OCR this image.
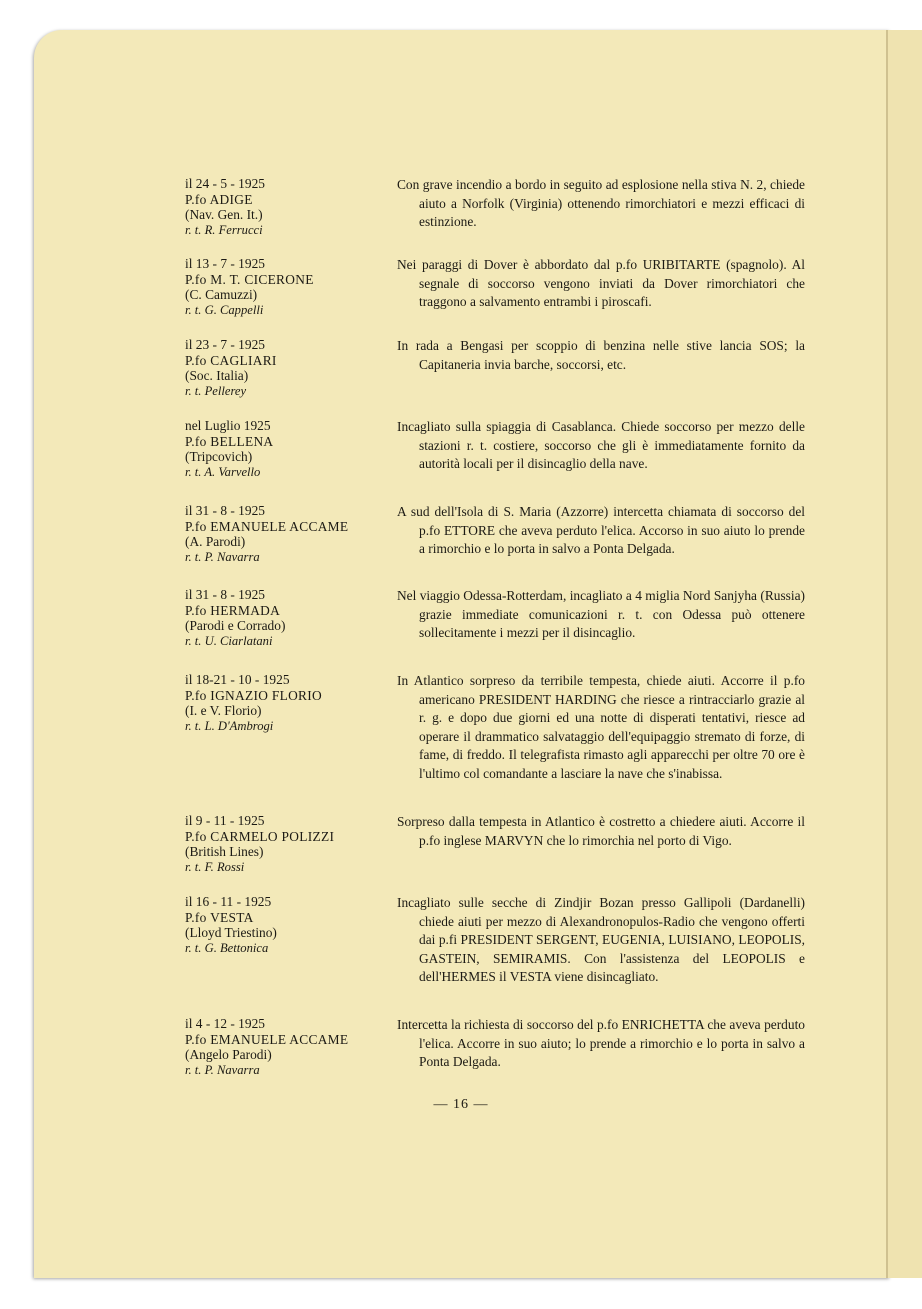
il 24 - 5 - 1925
P.fo ADIGE
(Nav. Gen. It.)
r. t. R. Ferrucci
Con grave incendio a bordo in seguito ad esplosione nella stiva N. 2, chiede aiuto a Norfolk (Virginia) ottenendo rimorchiatori e mezzi efficaci di estinzione.
il 13 - 7 - 1925
P.fo M. T. CICERONE
(C. Camuzzi)
r. t. G. Cappelli
Nei paraggi di Dover è abbordato dal p.fo URIBITARTE (spagnolo). Al segnale di soccorso vengono inviati da Dover rimorchiatori che traggono a salvamento entrambi i piroscafi.
il 23 - 7 - 1925
P.fo CAGLIARI
(Soc. Italia)
r. t. Pellerey
In rada a Bengasi per scoppio di benzina nelle stive lancia SOS; la Capitaneria invia barche, soccorsi, etc.
nel Luglio 1925
P.fo BELLENA
(Tripcovich)
r. t. A. Varvello
Incagliato sulla spiaggia di Casablanca. Chiede soccorso per mezzo delle stazioni r. t. costiere, soccorso che gli è immediatamente fornito da autorità locali per il disincaglio della nave.
il 31 - 8 - 1925
P.fo EMANUELE ACCAME
(A. Parodi)
r. t. P. Navarra
A sud dell'Isola di S. Maria (Azzorre) intercetta chiamata di soccorso del p.fo ETTORE che aveva perduto l'elica. Accorso in suo aiuto lo prende a rimorchio e lo porta in salvo a Ponta Delgada.
il 31 - 8 - 1925
P.fo HERMADA
(Parodi e Corrado)
r. t. U. Ciarlatani
Nel viaggio Odessa-Rotterdam, incagliato a 4 miglia Nord Sanjyha (Russia) grazie immediate comunicazioni r. t. con Odessa può ottenere sollecitamente i mezzi per il disincaglio.
il 18-21 - 10 - 1925
P.fo IGNAZIO FLORIO
(I. e V. Florio)
r. t. L. D'Ambrogi
In Atlantico sorpreso da terribile tempesta, chiede aiuti. Accorre il p.fo americano PRESIDENT HARDING che riesce a rintracciarlo grazie al r. g. e dopo due giorni ed una notte di disperati tentativi, riesce ad operare il drammatico salvataggio dell'equipaggio stremato di forze, di fame, di freddo. Il telegrafista rimasto agli apparecchi per oltre 70 ore è l'ultimo col comandante a lasciare la nave che s'inabissa.
il 9 - 11 - 1925
P.fo CARMELO POLIZZI
(British Lines)
r. t. F. Rossi
Sorpreso dalla tempesta in Atlantico è costretto a chiedere aiuti. Accorre il p.fo inglese MARVYN che lo rimorchia nel porto di Vigo.
il 16 - 11 - 1925
P.fo VESTA
(Lloyd Triestino)
r. t. G. Bettonica
Incagliato sulle secche di Zindjir Bozan presso Gallipoli (Dardanelli) chiede aiuti per mezzo di Alexandronopulos-Radio che vengono offerti dai p.fi PRESIDENT SERGENT, EUGENIA, LUISIANO, LEOPOLIS, GASTEIN, SEMIRAMIS. Con l'assistenza del LEOPOLIS e dell'HERMES il VESTA viene disincagliato.
il 4 - 12 - 1925
P.fo EMANUELE ACCAME
(Angelo Parodi)
r. t. P. Navarra
Intercetta la richiesta di soccorso del p.fo ENRICHETTA che aveva perduto l'elica. Accorre in suo aiuto; lo prende a rimorchio e lo porta in salvo a Ponta Delgada.
— 16 —
